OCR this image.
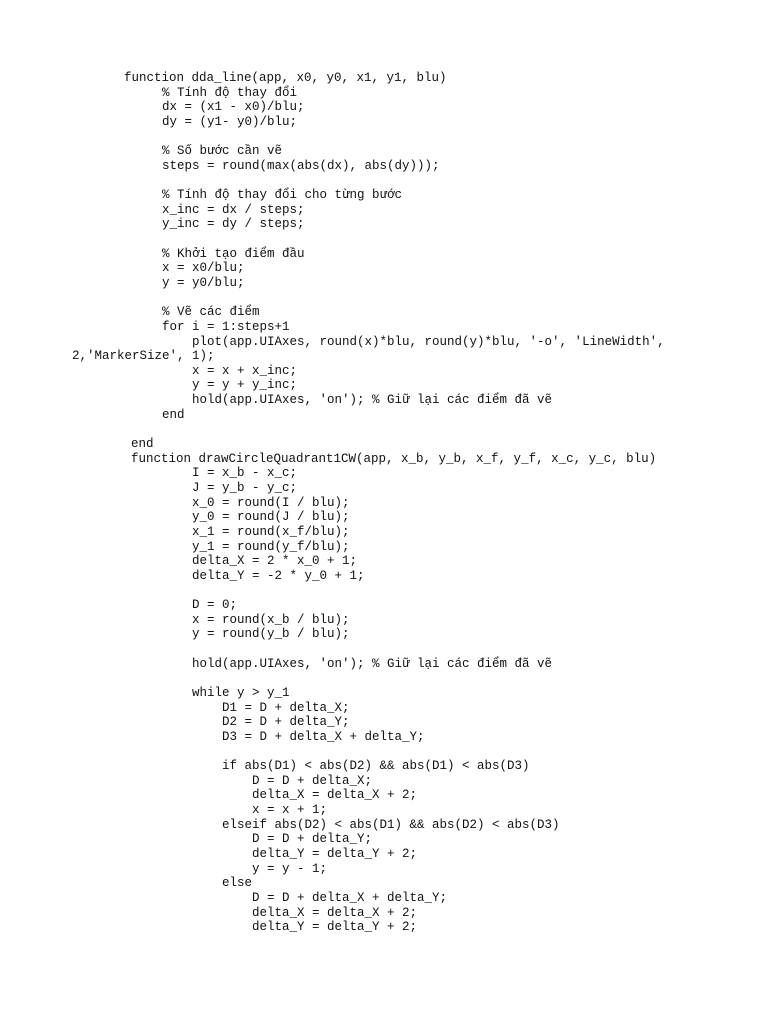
function dda_line(app, x0, y0, x1, y1, blu)
% Tính độ thay đổi
dx = (x1 - x0)/blu;
dy = (y1- y0)/blu;
% Số bước cần vẽ
steps = round(max(abs(dx), abs(dy)));
% Tính độ thay đổi cho từng bước
x_inc = dx / steps;
y_inc = dy / steps;
% Khởi tạo điểm đầu
x = x0/blu;
y = y0/blu;
% Vẽ các điểm
for i = 1:steps+1
plot(app.UIAxes, round(x)*blu, round(y)*blu, '-o', 'LineWidth',
2,'MarkerSize', 1);
x = x + x_inc;
y = y + y_inc;
hold(app.UIAxes, 'on'); % Giữ lại các điểm đã vẽ
end
end
function drawCircleQuadrant1CW(app, x_b, y_b, x_f, y_f, x_c, y_c, blu)
I = x_b - x_c;
J = y_b - y_c;
x_0 = round(I / blu);
y_0 = round(J / blu);
x_1 = round(x_f/blu);
y_1 = round(y_f/blu);
delta_X = 2 * x_0 + 1;
delta_Y = -2 * y_0 + 1;
D = 0;
x = round(x_b / blu);
y = round(y_b / blu);
hold(app.UIAxes, 'on'); % Giữ lại các điểm đã vẽ
while y > y_1
D1 = D + delta_X;
D2 = D + delta_Y;
D3 = D + delta_X + delta_Y;
if abs(D1) < abs(D2) && abs(D1) < abs(D3)
D = D + delta_X;
delta_X = delta_X + 2;
x = x + 1;
elseif abs(D2) < abs(D1) && abs(D2) < abs(D3)
D = D + delta_Y;
delta_Y = delta_Y + 2;
y = y - 1;
else
D = D + delta_X + delta_Y;
delta_X = delta_X + 2;
delta_Y = delta_Y + 2;
